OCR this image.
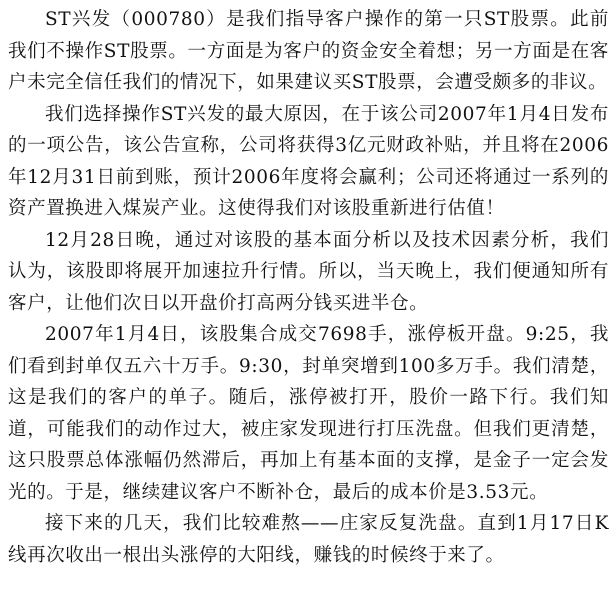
ST兴发（000780）是我们指导客户操作的第一只ST股票。此前我们不操作ST股票。一方面是为客户的资金安全着想；另一方面是在客户未完全信任我们的情况下，如果建议买ST股票，会遭受颇多的非议。

我们选择操作ST兴发的最大原因，在于该公司2007年1月4日发布的一项公告，该公告宣称，公司将获得3亿元财政补贴，并且将在2006年12月31日前到账，预计2006年度将会赢利；公司还将通过一系列的资产置换进入煤炭产业。这使得我们对该股重新进行估值！

12月28日晚，通过对该股的基本面分析以及技术因素分析，我们认为，该股即将展开加速拉升行情。所以，当天晚上，我们便通知所有客户，让他们次日以开盘价打高两分钱买进半仓。

2007年1月4日，该股集合成交7698手，涨停板开盘。9:25，我们看到封单仅五六十万手。9:30，封单突增到100多万手。我们清楚，这是我们的客户的单子。随后，涨停被打开，股价一路下行。我们知道，可能我们的动作过大，被庄家发现进行打压洗盘。但我们更清楚，这只股票总体涨幅仍然滞后，再加上有基本面的支撑，是金子一定会发光的。于是，继续建议客户不断补仓，最后的成本价是3.53元。

接下来的几天，我们比较难熬——庄家反复洗盘。直到1月17日K线再次收出一根出头涨停的大阳线，赚钱的时候终于来了。
